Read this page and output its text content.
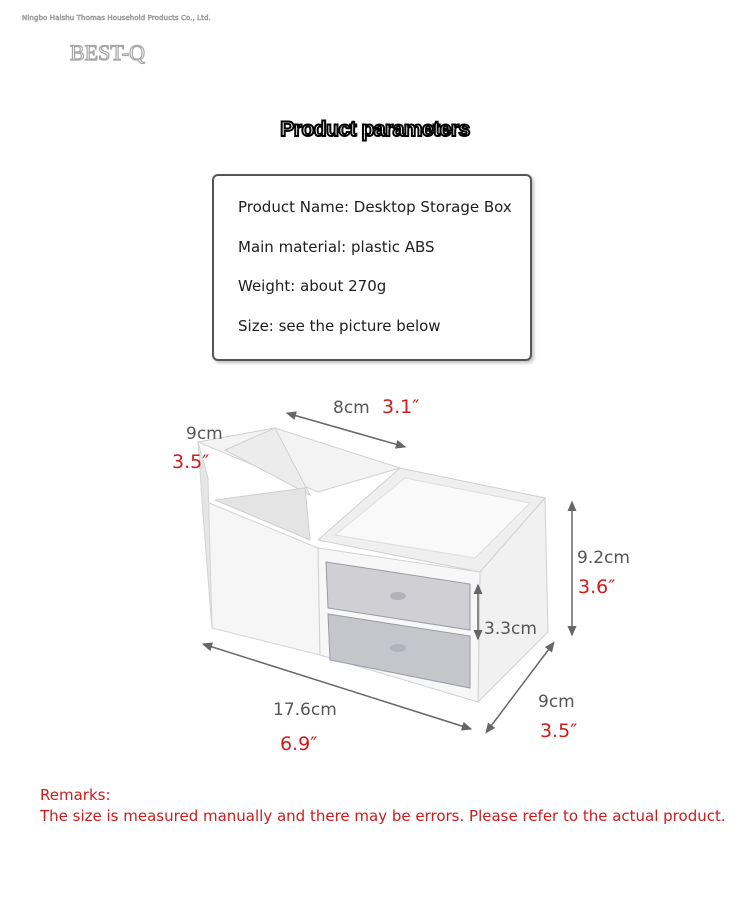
Ningbo Haishu Thomas Household Products Co., Ltd.
BEST-Q
Product parameters
Product Name: Desktop Storage Box
Main material: plastic ABS
Weight: about 270g
Size: see the picture below
8cm 3.1″
9cm
3.5″
9.2cm
3.6″
3.3cm
17.6cm
6.9″
9cm
3.5″
Remarks:
The size is measured manually and there may be errors. Please refer to the actual product.
